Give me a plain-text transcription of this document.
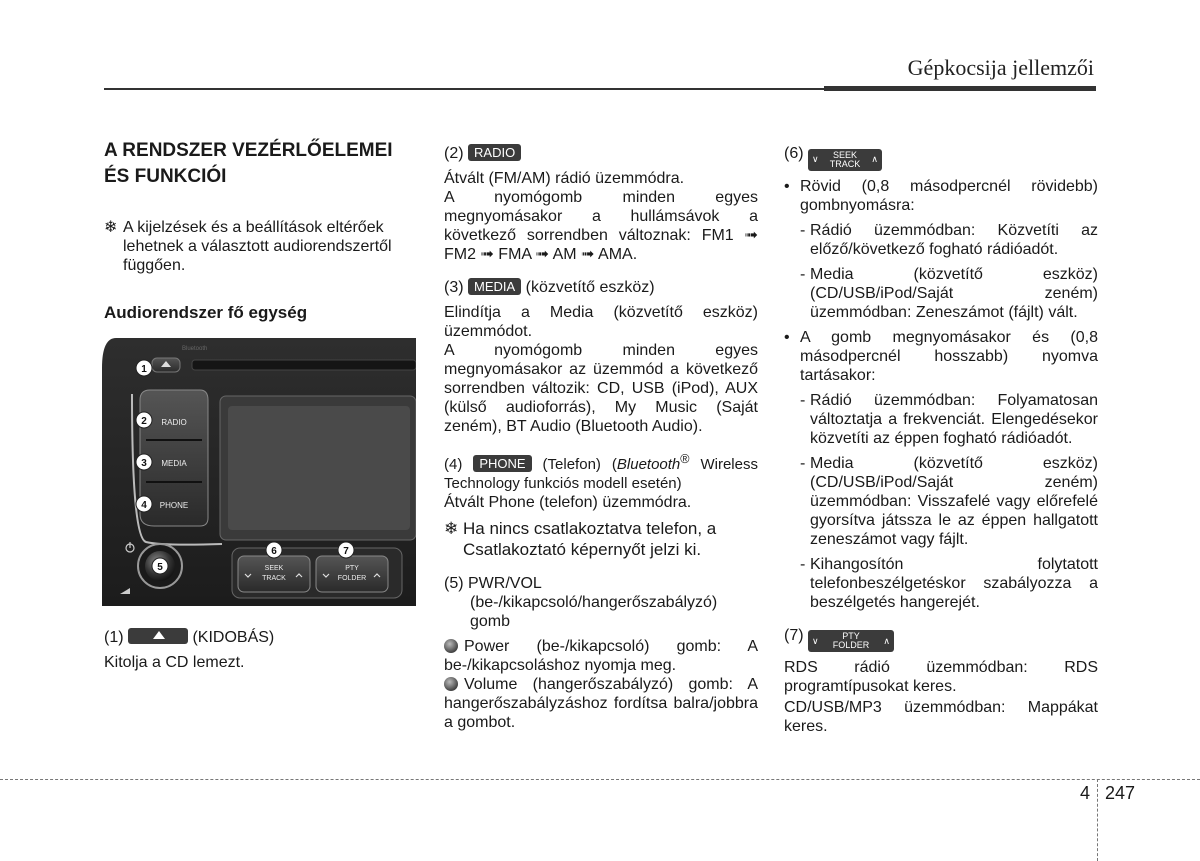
Gépkocsija jellemzői

A RENDSZER VEZÉRLŐELEMEI ÉS FUNKCIÓI

❄ A kijelzések és a beállítások eltérőek lehetnek a választott audiorendszertől függően.

Audiorendszer fő egység

Bluetooth
RADIO
MEDIA
PHONE
SEEK
TRACK
PTY
FOLDER
1
2
3
4
5
6	7

(1)	(KIDOBÁS)

Kitolja a CD lemezt.

(2) RADIO

Átvált (FM/AM) rádió üzemmódra.

A nyomógomb minden egyes megnyomásakor a hullámsávok a következő sorrendben változnak: FM1 ➟ FM2 ➟ FMA ➟ AM ➟ AMA.

(3) MEDIA (közvetítő eszköz)

Elindítja a Media (közvetítő eszköz) üzemmódot.

A nyomógomb minden egyes megnyomásakor az üzemmód a következő sorrendben változik: CD, USB (iPod), AUX (külső audioforrás), My Music (Saját zeném), BT Audio (Bluetooth Audio).

(4) PHONE (Telefon) (Bluetooth® Wireless Technology funkciós modell esetén)

Átvált Phone (telefon) üzemmódra.

❄ Ha nincs csatlakoztatva telefon, a Csatlakoztató képernyőt jelzi ki.

(5) PWR/VOL

(be-/kikapcsoló/hangerőszabályzó) gomb

Power (be-/kikapcsoló) gomb: A be-/kikapcsoláshoz nyomja meg.

Volume (hangerőszabályzó) gomb: A hangerőszabályzáshoz fordítsa balra/jobbra a gombot.

(6) ∨	SEEK
TRACK ∧

• Rövid (0,8 másodpercnél rövidebb) gombnyomásra:
- Rádió üzemmódban: Közvetíti az előző/következő fogható rádióadót.
- Media (közvetítő eszköz) (CD/USB/iPod/Saját zeném) üzemmódban: Zeneszámot (fájlt) vált.
• A gomb megnyomásakor és (0,8 másodpercnél hosszabb) nyomva tartásakor:
- Rádió üzemmódban: Folyamatosan változtatja a frekvenciát. Elengedésekor közvetíti az éppen fogható rádióadót.
- Media (közvetítő eszköz) (CD/USB/iPod/Saját zeném) üzemmódban: Visszafelé vagy előrefelé gyorsítva játssza le az éppen hallgatott zeneszámot vagy fájlt.
- Kihangosítón folytatott telefonbeszélgetéskor szabályozza a beszélgetés hangerejét.

(7) ∨	PTY
FOLDER ∧

RDS rádió üzemmódban: RDS programtípusokat keres.

CD/USB/MP3 üzemmódban: Mappákat keres.

4 247
